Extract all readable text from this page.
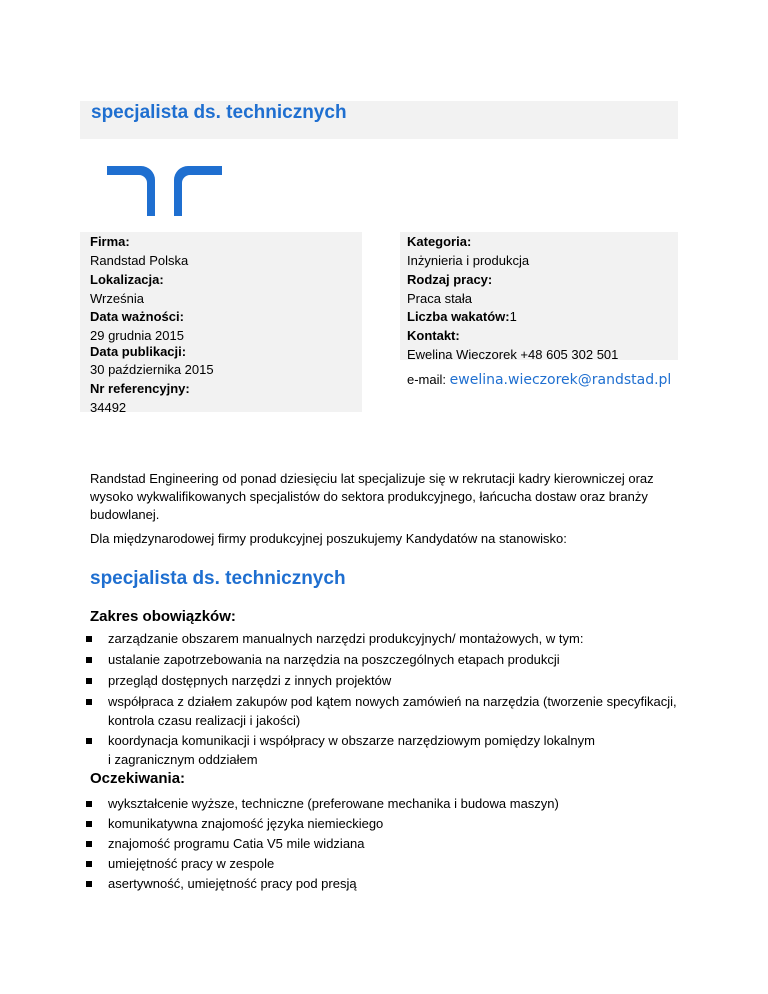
specjalista ds. technicznych
Firma:
Randstad Polska
Lokalizacja:
Września
Data ważności:
29 grudnia 2015
Data publikacji:
30 października 2015
Nr referencyjny:
34492
Kategoria:
Inżynieria i produkcja
Rodzaj pracy:
Praca stała
Liczba wakatów:1
Kontakt:
Ewelina Wieczorek +48 605 302 501
e-mail: ewelina.wieczorek@randstad.pl
Randstad Engineering od ponad dziesięciu lat specjalizuje się w rekrutacji kadry kierowniczej oraz
wysoko wykwalifikowanych specjalistów do sektora produkcyjnego, łańcucha dostaw oraz branży
budowlanej.
Dla międzynarodowej firmy produkcyjnej poszukujemy Kandydatów na stanowisko:
specjalista ds. technicznych
Zakres obowiązków:
zarządzanie obszarem manualnych narzędzi produkcyjnych/ montażowych, w tym:
ustalanie zapotrzebowania na narzędzia na poszczególnych etapach produkcji
przegląd dostępnych narzędzi z innych projektów
współpraca z działem zakupów pod kątem nowych zamówień na narzędzia (tworzenie specyfikacji,
kontrola czasu realizacji i jakości)
koordynacja komunikacji i współpracy w obszarze narzędziowym pomiędzy lokalnym
i zagranicznym oddziałem
Oczekiwania:
wykształcenie wyższe, techniczne (preferowane mechanika i budowa maszyn)
komunikatywna znajomość języka niemieckiego
znajomość programu Catia V5 mile widziana
umiejętność pracy w zespole
asertywność, umiejętność pracy pod presją
